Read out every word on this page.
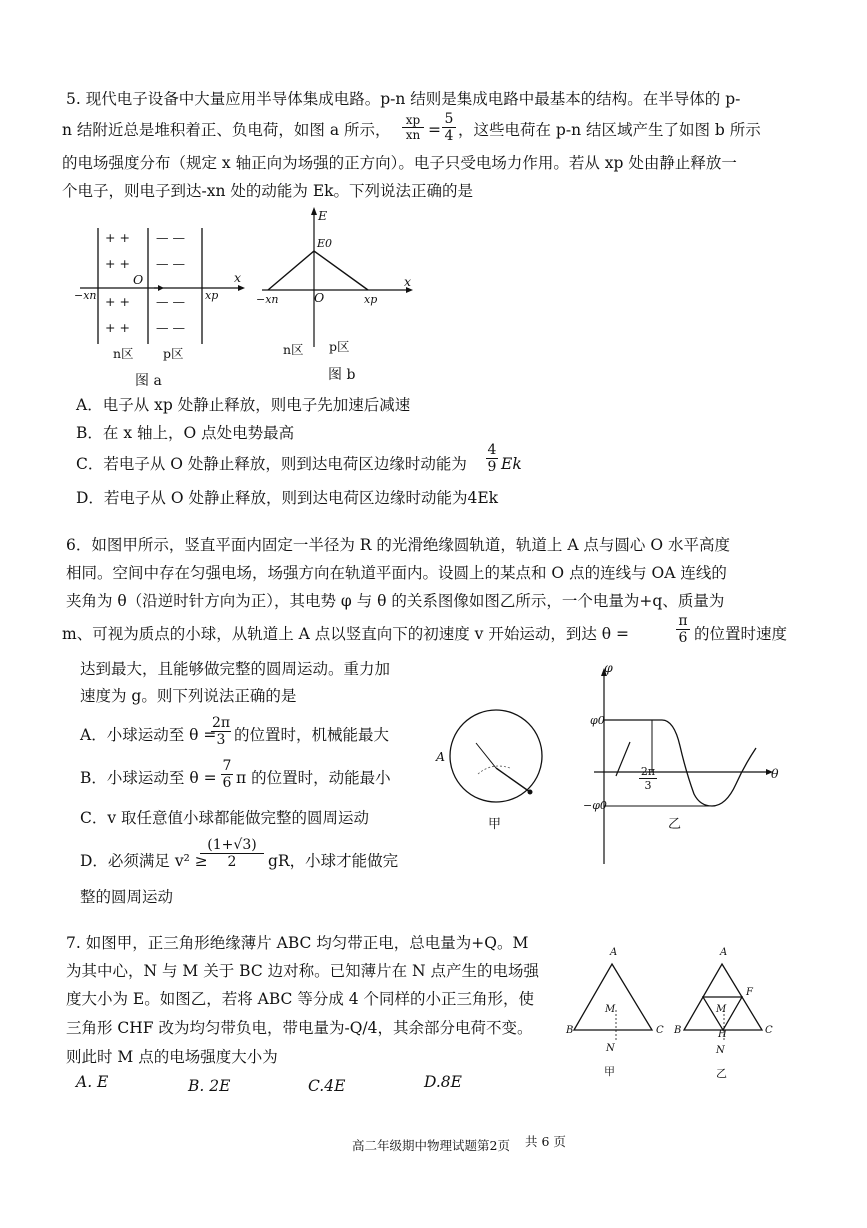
5. 现代电子设备中大量应用半导体集成电路。p-n 结则是集成电路中最基本的结构。在半导体的 p-
n 结附近总是堆积着正、负电荷，如图 a 所示，
xp
xn =
5
4 ，这些电荷在 p-n 结区域产生了如图 b 所示
的电场强度分布（规定 x 轴正向为场强的正方向）。电子只受电场力作用。若从 xp 处由静止释放一
个电子，则电子到达-xn 处的动能为 Ek。下列说法正确的是
+ +
+ +
+ +
+ +
— —
— —
— —
— —
O	x
−xn	xp
n区 p区
图 a
E
E0
x
O
−xn	xp
n区 p区
图 b
A．电子从 xp 处静止释放，则电子先加速后减速
B．在 x 轴上，O 点处电势最高
C．若电子从 O 处静止释放，则到达电荷区边缘时动能为
4
9 Ek
D．若电子从 O 处静止释放，则到达电荷区边缘时动能为4Ek
6．如图甲所示，竖直平面内固定一半径为 R 的光滑绝缘圆轨道，轨道上 A 点与圆心 O 水平高度
相同。空间中存在匀强电场，场强方向在轨道平面内。设圆上的某点和 O 点的连线与 OA 连线的
夹角为 θ（沿逆时针方向为正），其电势 φ 与 θ 的关系图像如图乙所示，一个电量为+q、质量为
m、可视为质点的小球，从轨道上 A 点以竖直向下的初速度 v 开始运动，到达 θ =
π
6 的位置时速度
达到最大，且能够做完整的圆周运动。重力加
速度为 g。则下列说法正确的是
A．小球运动至 θ =
2π
3 的位置时，机械能最大
B．小球运动至 θ =
7
6 π 的位置时，动能最小
C．v 取任意值小球都能做完整的圆周运动
D．必须满足 v² ≥
(1+√3)
2	gR，小球才能做完
整的圆周运动
A
甲
φ
φ0
−φ0
θ
2π
3
乙
7. 如图甲，正三角形绝缘薄片 ABC 均匀带正电，总电量为+Q。M
为其中心，N 与 M 关于 BC 边对称。已知薄片在 N 点产生的电场强
度大小为 E。如图乙，若将 ABC 等分成 4 个同样的小正三角形，使
三角形 CHF 改为均匀带负电，带电量为-Q/4，其余部分电荷不变。
则此时 M 点的电场强度大小为
A. E	B. 2E	C.4E	D.8E
A
B	C
M
N
甲
A
B	C
F
H
M
N
乙
高二年级期中物理试题第2页 共 6 页
